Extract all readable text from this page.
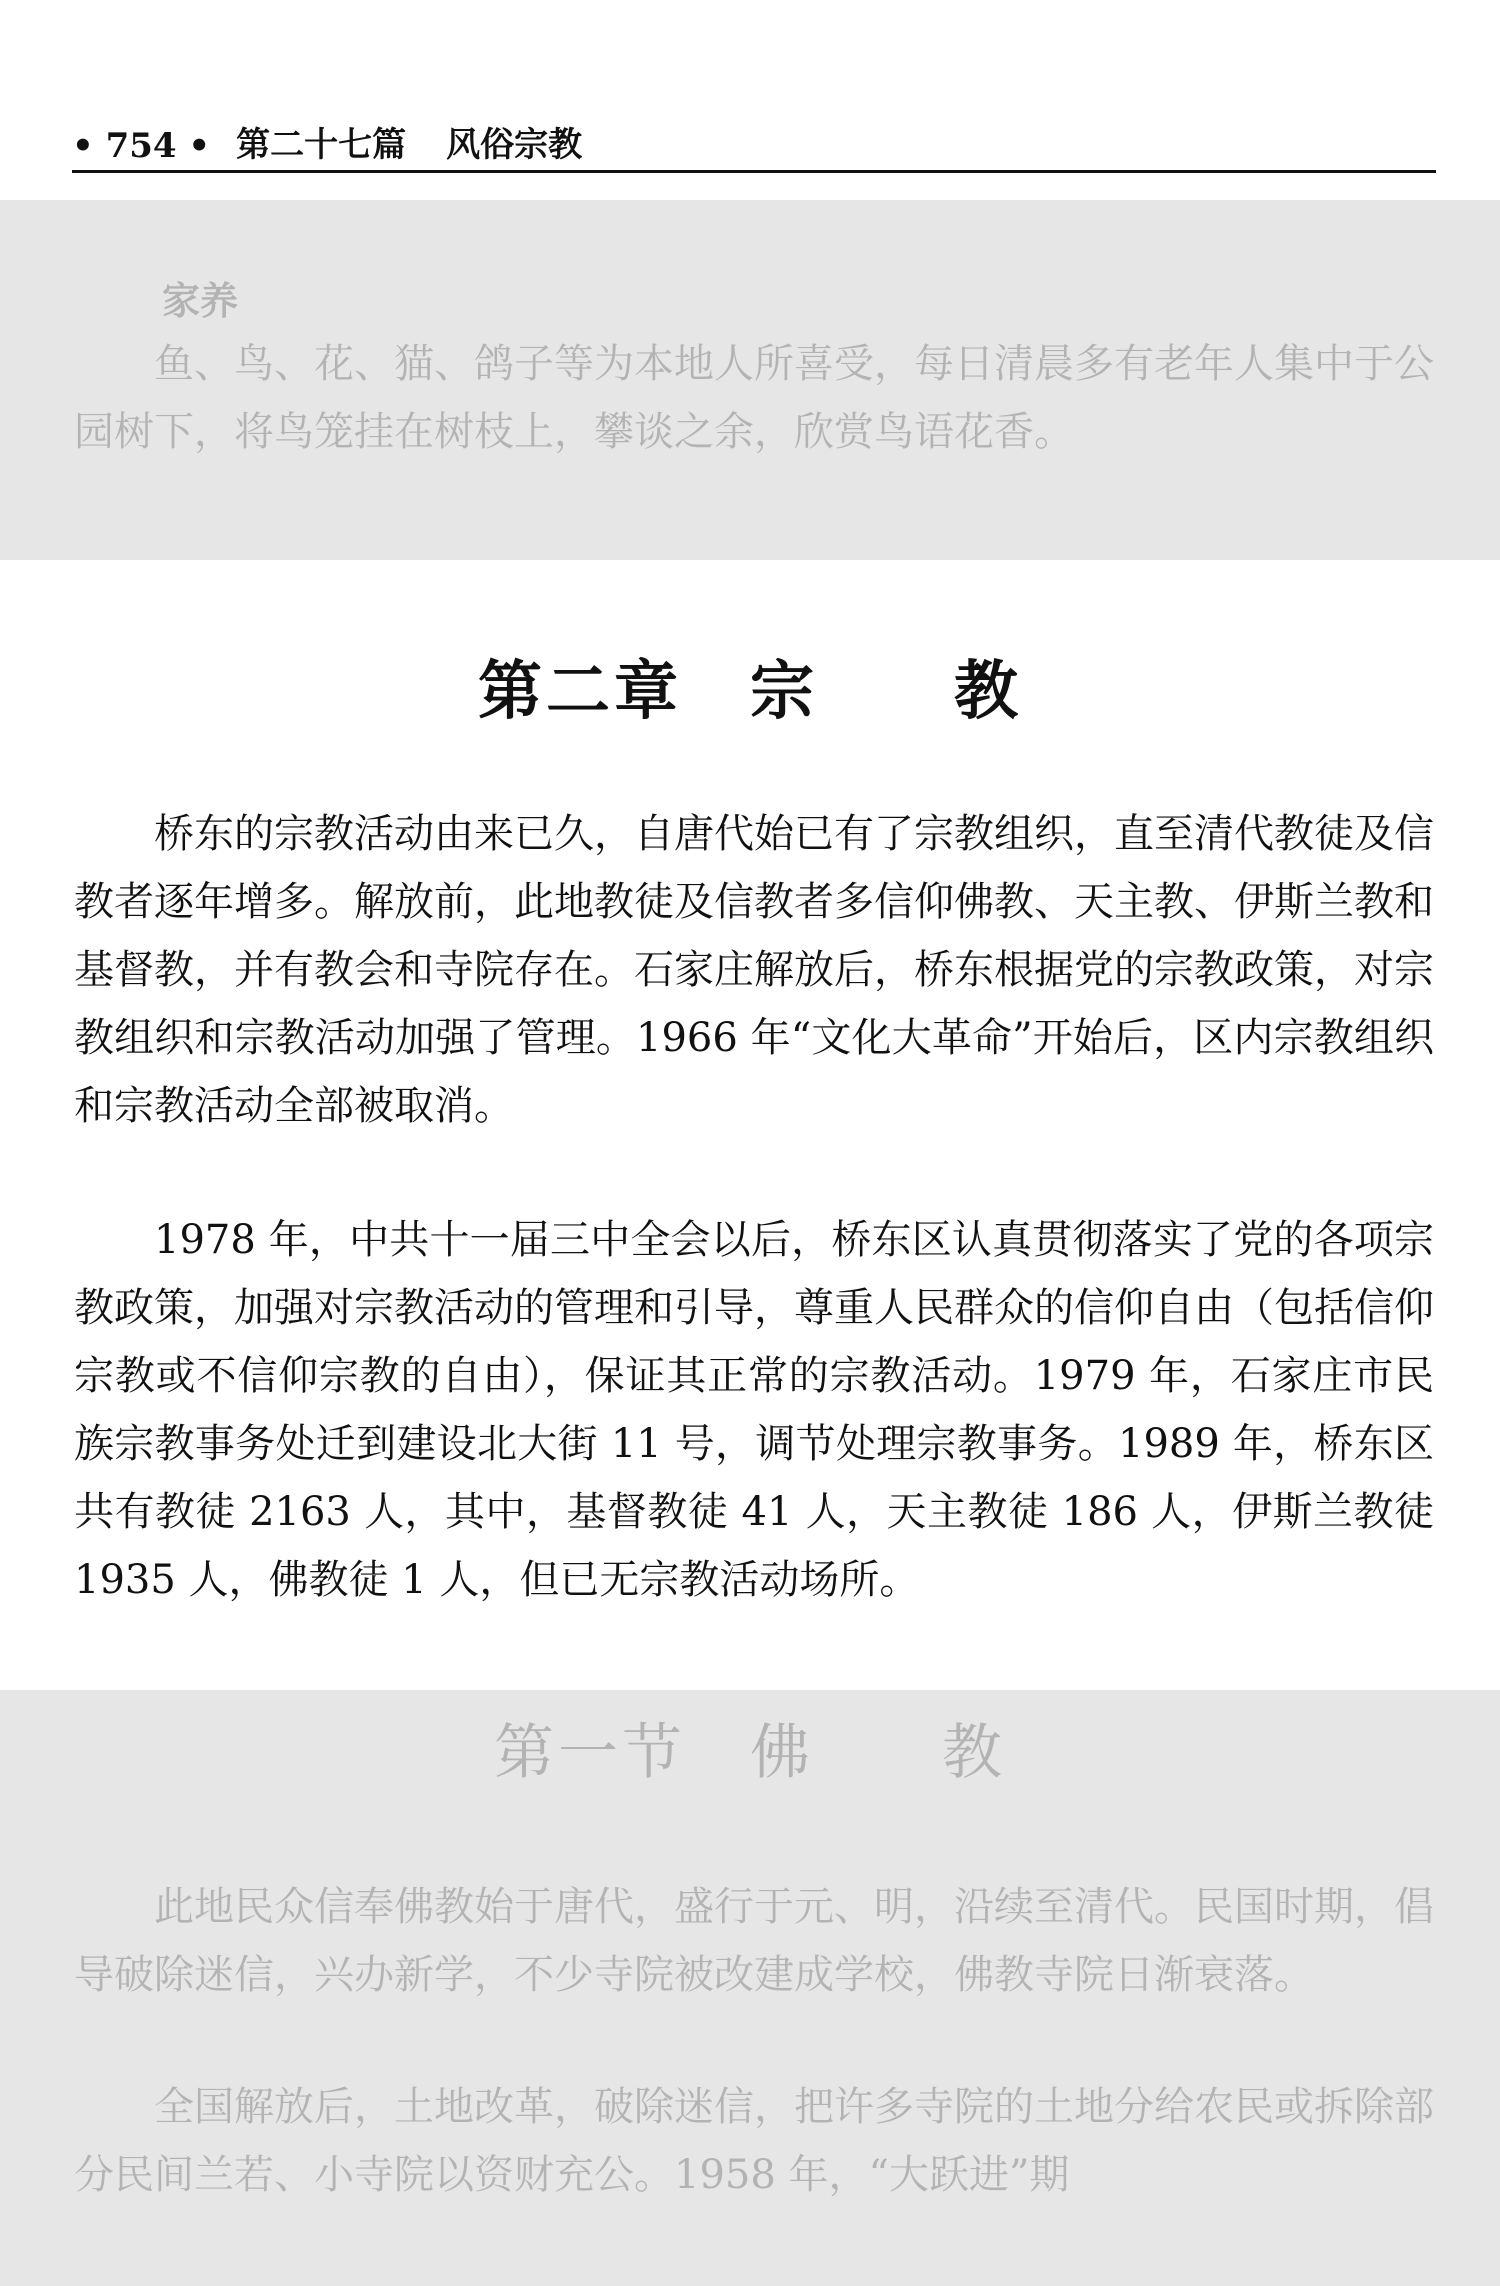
• 754 • 第二十七篇 风俗宗教
家养

鱼、鸟、花、猫、鸽子等为本地人所喜受，每日清晨多有老年人集中于公园树下，将鸟笼挂在树枝上，攀谈之余，欣赏鸟语花香。

第二章　宗　　教

桥东的宗教活动由来已久，自唐代始已有了宗教组织，直至清代教徒及信教者逐年增多。解放前，此地教徒及信教者多信仰佛教、天主教、伊斯兰教和基督教，并有教会和寺院存在。石家庄解放后，桥东根据党的宗教政策，对宗教组织和宗教活动加强了管理。1966 年“文化大革命”开始后，区内宗教组织和宗教活动全部被取消。

1978 年，中共十一届三中全会以后，桥东区认真贯彻落实了党的各项宗教政策，加强对宗教活动的管理和引导，尊重人民群众的信仰自由（包括信仰宗教或不信仰宗教的自由），保证其正常的宗教活动。1979 年，石家庄市民族宗教事务处迁到建设北大街 11 号，调节处理宗教事务。1989 年，桥东区共有教徒 2163 人，其中，基督教徒 41 人，天主教徒 186 人，伊斯兰教徒 1935 人，佛教徒 1 人，但已无宗教活动场所。

第一节　佛　　教

此地民众信奉佛教始于唐代，盛行于元、明，沿续至清代。民国时期，倡导破除迷信，兴办新学，不少寺院被改建成学校，佛教寺院日渐衰落。

全国解放后，土地改革，破除迷信，把许多寺院的土地分给农民或拆除部分民间兰若、小寺院以资财充公。1958 年，“大跃进”期
